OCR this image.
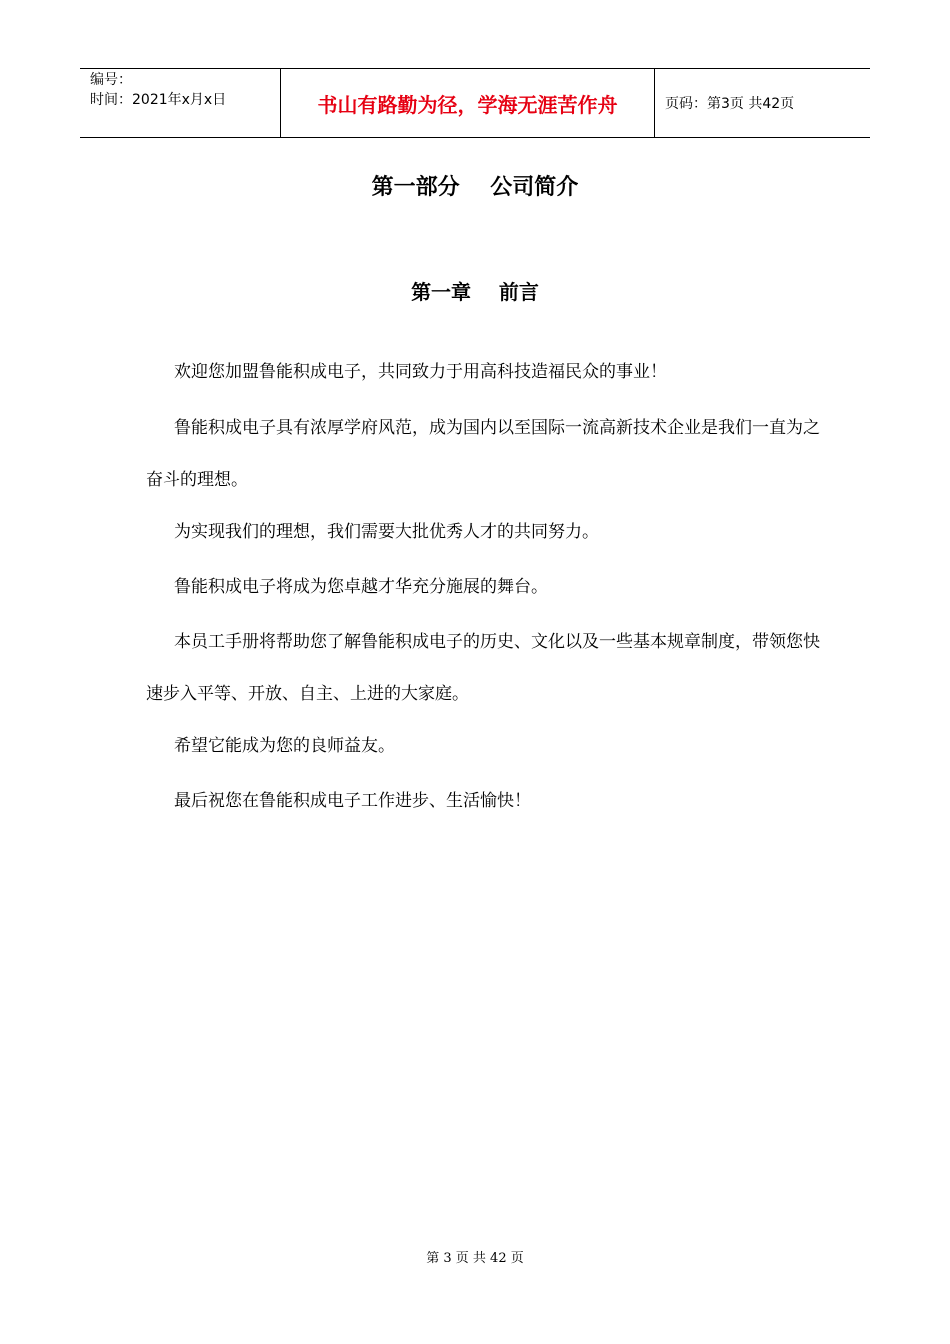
编号：
时间：2021年x月x日	书山有路勤为径，学海无涯苦作舟	页码：第3页 共42页
第一部分    公司简介
第一章    前言

欢迎您加盟鲁能积成电子，共同致力于用高科技造福民众的事业！

鲁能积成电子具有浓厚学府风范，成为国内以至国际一流高新技术企业是我们一直为之奋斗的理想。

为实现我们的理想，我们需要大批优秀人才的共同努力。

鲁能积成电子将成为您卓越才华充分施展的舞台。

本员工手册将帮助您了解鲁能积成电子的历史、文化以及一些基本规章制度，带领您快速步入平等、开放、自主、上进的大家庭。

希望它能成为您的良师益友。

最后祝您在鲁能积成电子工作进步、生活愉快！

第 3 页 共 42 页
